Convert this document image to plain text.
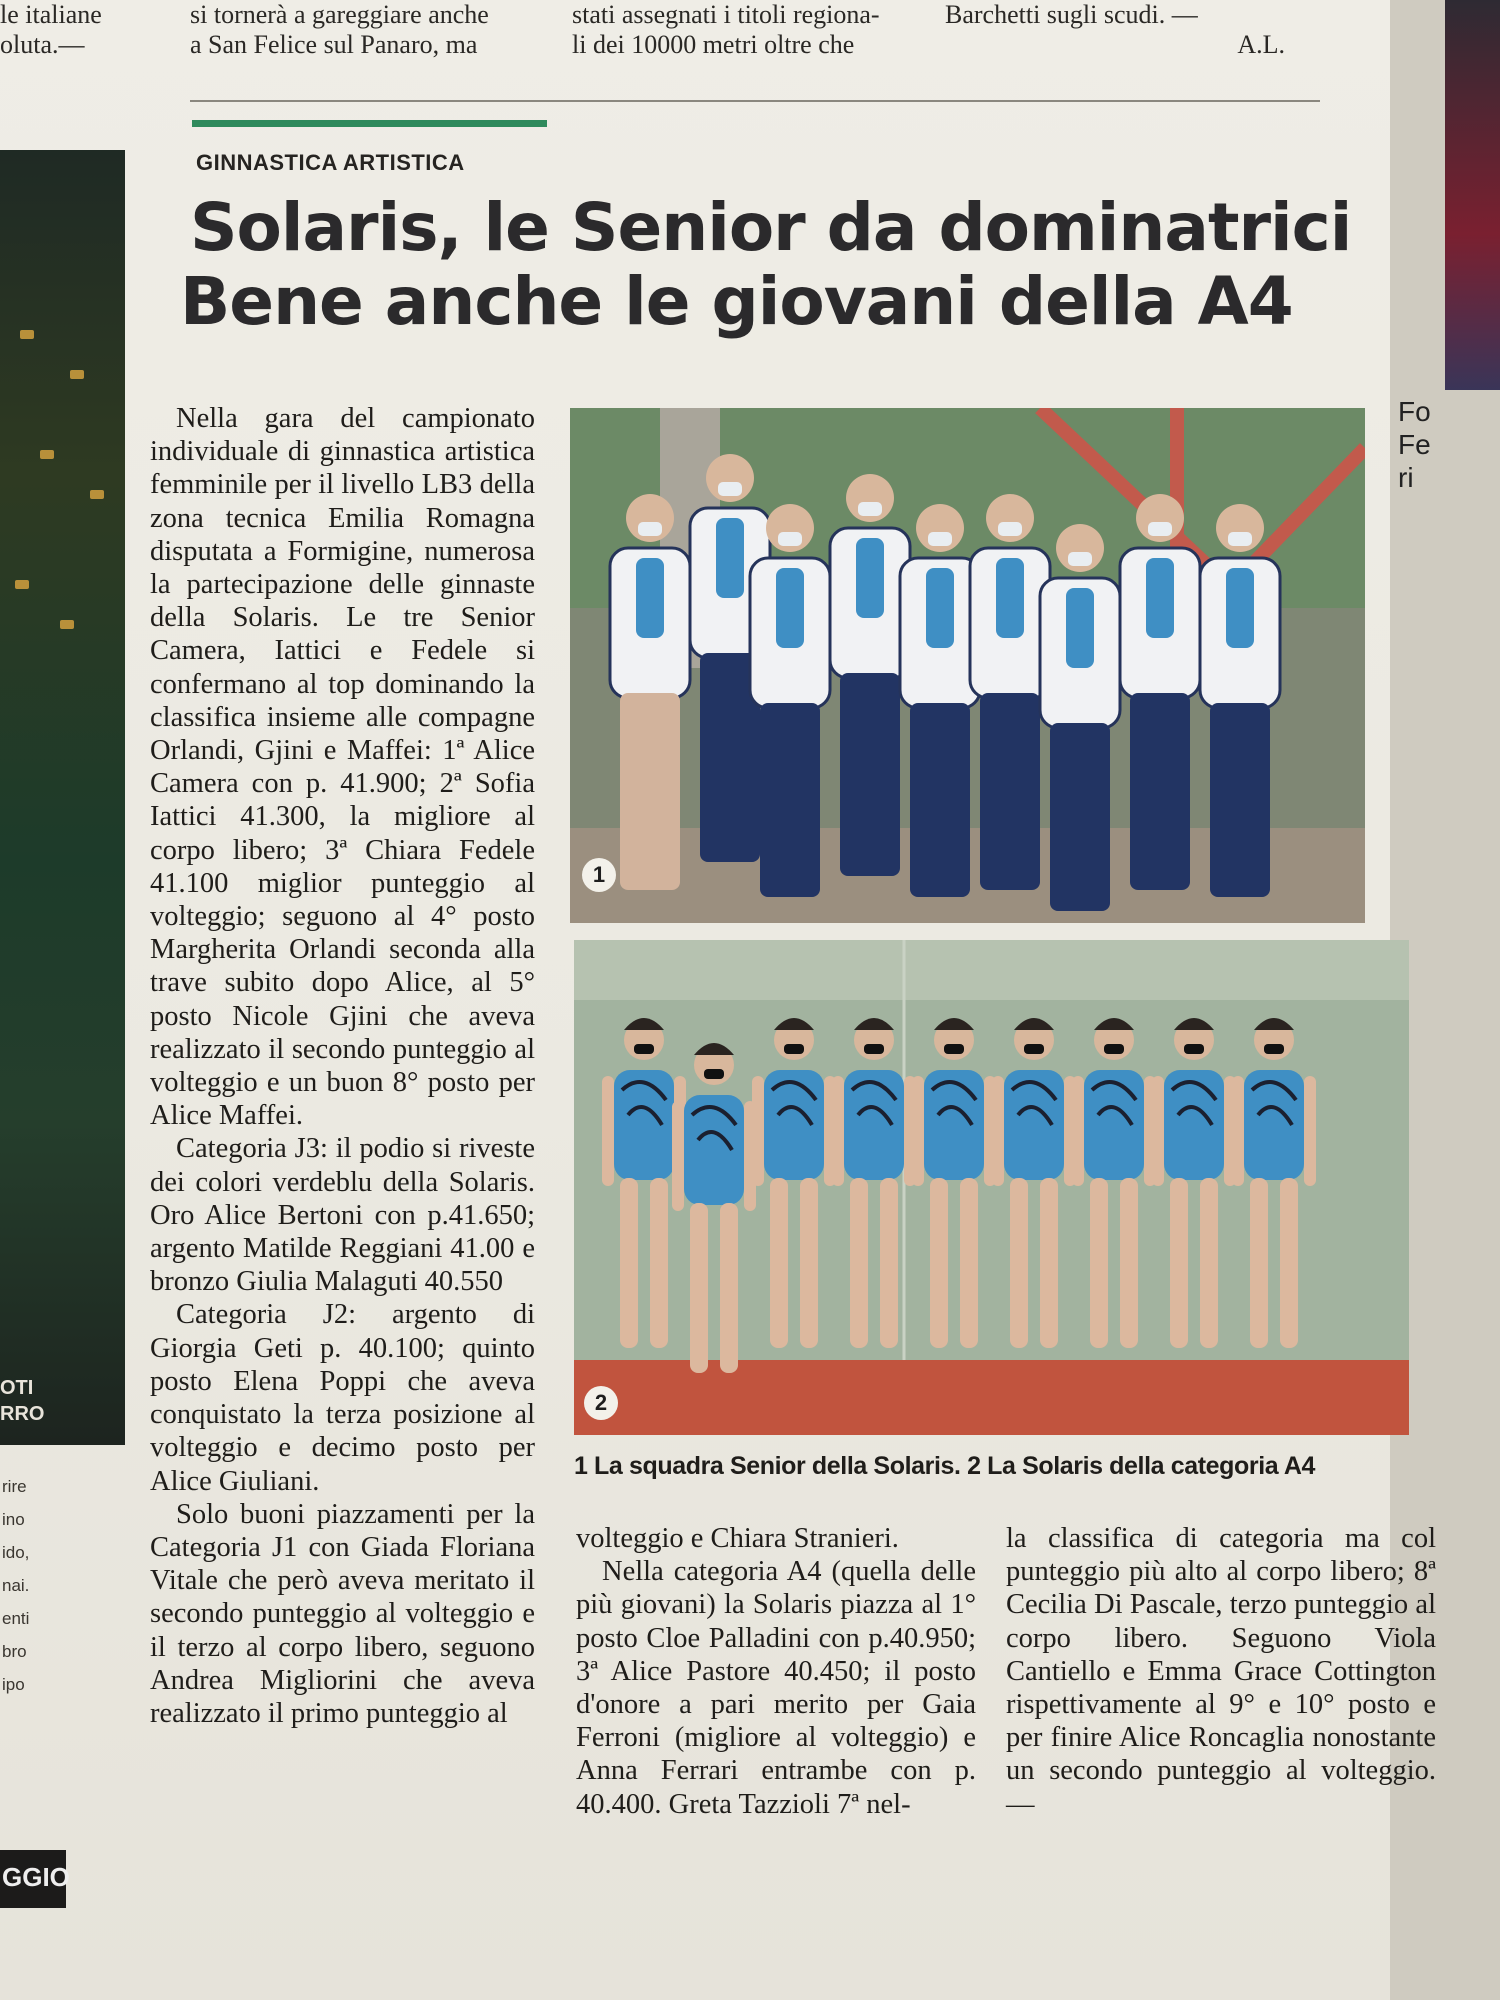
Fo
Fe
ri
le italiane
oluta.—
si tornerà a gareggiare anche
a San Felice sul Panaro, ma
stati assegnati i titoli regiona-
li dei 10000 metri oltre che
Barchetti sugli scudi. —
A.L.
OTI
RRO
rire
ino
ido,
nai.
enti
bro
ipo
GGIO
GINNASTICA ARTISTICA
Solaris, le Senior da dominatrici
Bene anche le giovani della A4

Nella gara del campionato individuale di ginnastica artistica femminile per il livello LB3 della zona tecnica Emilia Romagna disputata a Formigine, numerosa la partecipazione delle ginnaste della Solaris. Le tre Senior Camera, Iattici e Fedele si confermano al top dominando la classifica insieme alle compagne Orlandi, Gjini e Maffei: 1ª Alice Camera con p. 41.900; 2ª Sofia Iattici 41.300, la migliore al corpo libero; 3ª Chiara Fedele 41.100 miglior punteggio al volteggio; seguono al 4° posto Margherita Orlandi seconda alla trave subito dopo Alice, al 5° posto Nicole Gjini che aveva realizzato il secondo punteggio al volteggio e un buon 8° posto per Alice Maffei.

Categoria J3: il podio si riveste dei colori verdeblu della Solaris. Oro Alice Bertoni con p.41.650; argento Matilde Reggiani 41.00 e bronzo Giulia Malaguti 40.550

Categoria J2: argento di Giorgia Geti p. 40.100; quinto posto Elena Poppi che aveva conquistato la terza posizione al volteggio e decimo posto per Alice Giuliani.

Solo buoni piazzamenti per la Categoria J1 con Giada Floriana Vitale che però aveva meritato il secondo punteggio al volteggio e il terzo al corpo libero, seguono Andrea Migliorini che aveva realizzato il primo punteggio al

1
2
1 La squadra Senior della Solaris. 2 La Solaris della categoria A4

volteggio e Chiara Stranieri.

Nella categoria A4 (quella delle più giovani) la Solaris piazza al 1° posto Cloe Palladini con p.40.950; 3ª Alice Pastore 40.450; il posto d'onore a pari merito per Gaia Ferroni (migliore al volteggio) e Anna Ferrari entrambe con p. 40.400. Greta Tazzioli 7ª nel-

la classifica di categoria ma col punteggio più alto al corpo libero; 8ª Cecilia Di Pascale, terzo punteggio al corpo libero. Seguono Viola Cantiello e Emma Grace Cottington rispettivamente al 9° e 10° posto e per finire Alice Roncaglia nonostante un secondo punteggio al volteggio. —
